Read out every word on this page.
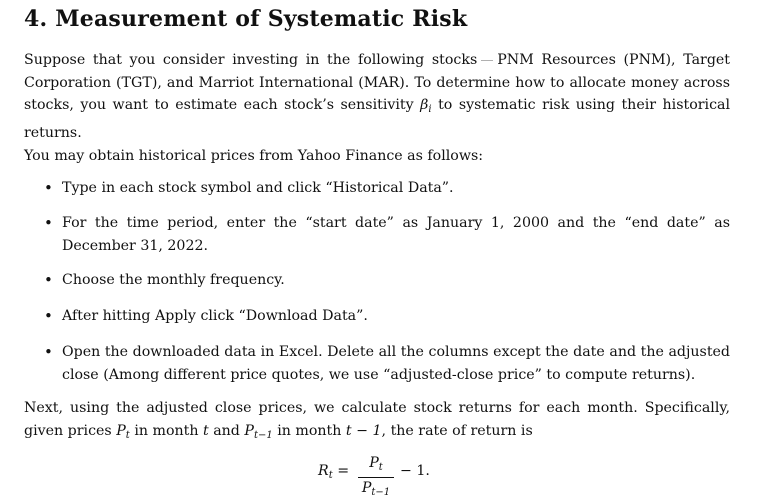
4. Measurement of Systematic Risk
Suppose that you consider investing in the following stocks PNM Resources (PNM), Target Corporation (TGT), and Marriot International (MAR). To determine how to allocate money across stocks, you want to estimate each stock’s sensitivity $\beta_i$ to systematic risk using their historical returns.
You may obtain historical prices from Yahoo Finance as follows:
• Type in each stock symbol and click “Historical Data”.
• For the time period, enter the “start date” as January 1, 2000 and the “end date” as December 31, 2022.
• Choose the monthly frequency.
• After hitting Apply click “Download Data”.
• Open the downloaded data in Excel. Delete all the columns except the date and the adjusted close (Among different price quotes, we use “adjusted-close price” to compute returns).
Next, using the adjusted close prices, we calculate stock returns for each month. Specifically, given prices $P_t$ in month t and $P_{t-1}$ in month t − 1, the rate of return is
$R_t$ =	$P_t$
$P_{t-1}$
− 1.
